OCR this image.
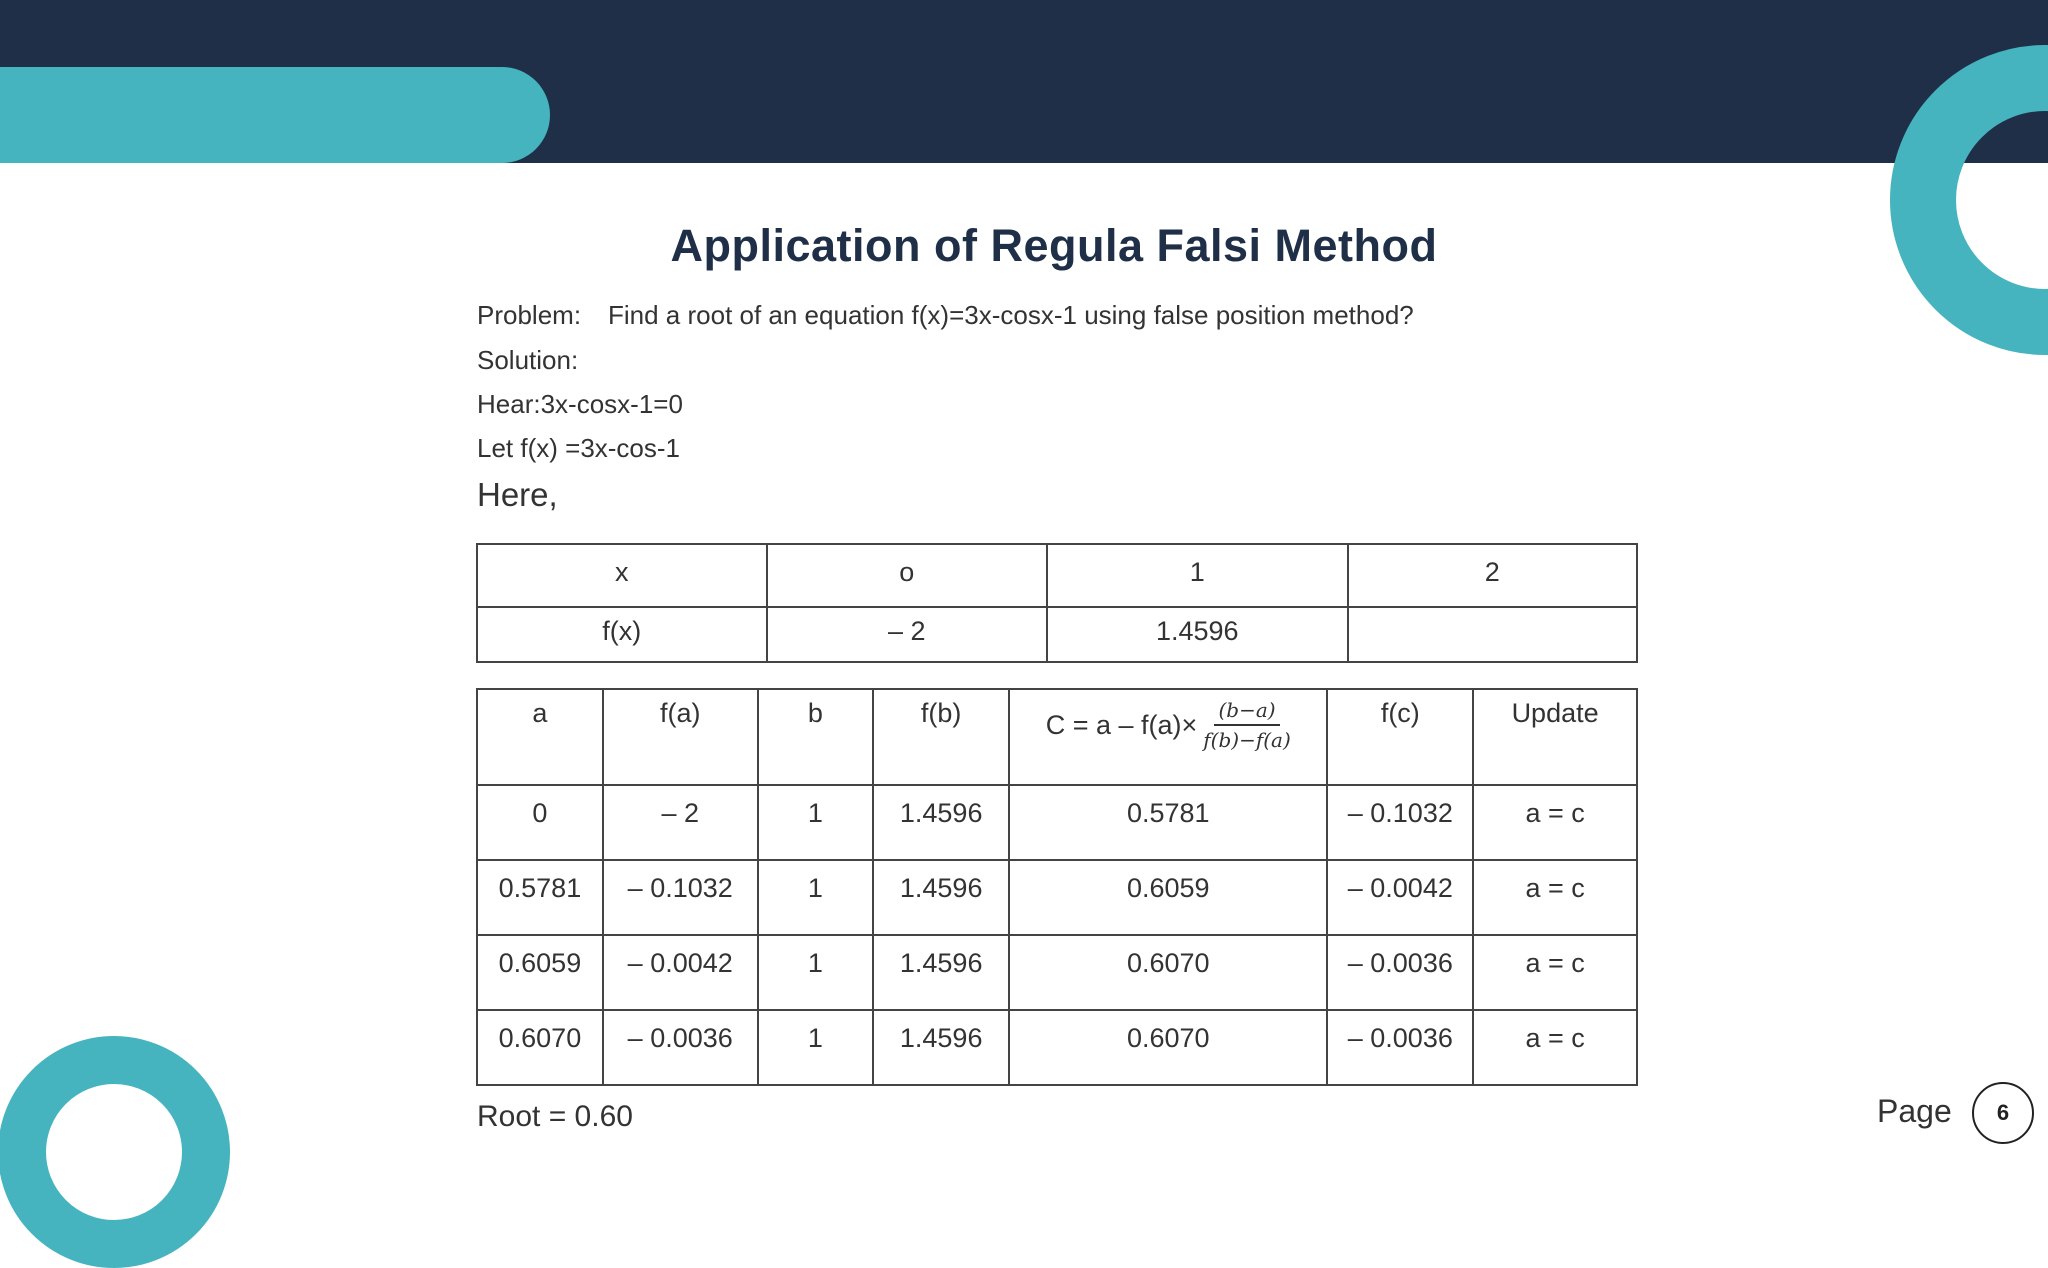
Application of Regula Falsi Method
Problem: Find a root of an equation f(x)=3x-cosx-1 using false position method?
Solution:
Hear:3x-cosx-1=0
Let f(x) =3x-cos-1
Here,
x	o	1	2
f(x)	– 2	1.4596	
a	f(a)	b	f(b)	$C = a - f(a)\times \frac{(b-a)}{f(b)-f(a)}$	f(c)	Update
0	– 2	1	1.4596	0.5781	– 0.1032	a = c
0.5781	– 0.1032	1	1.4596	0.6059	– 0.0042	a = c
0.6059	– 0.0042	1	1.4596	0.6070	– 0.0036	a = c
0.6070	– 0.0036	1	1.4596	0.6070	– 0.0036	a = c
Root = 0.60	Page 6
